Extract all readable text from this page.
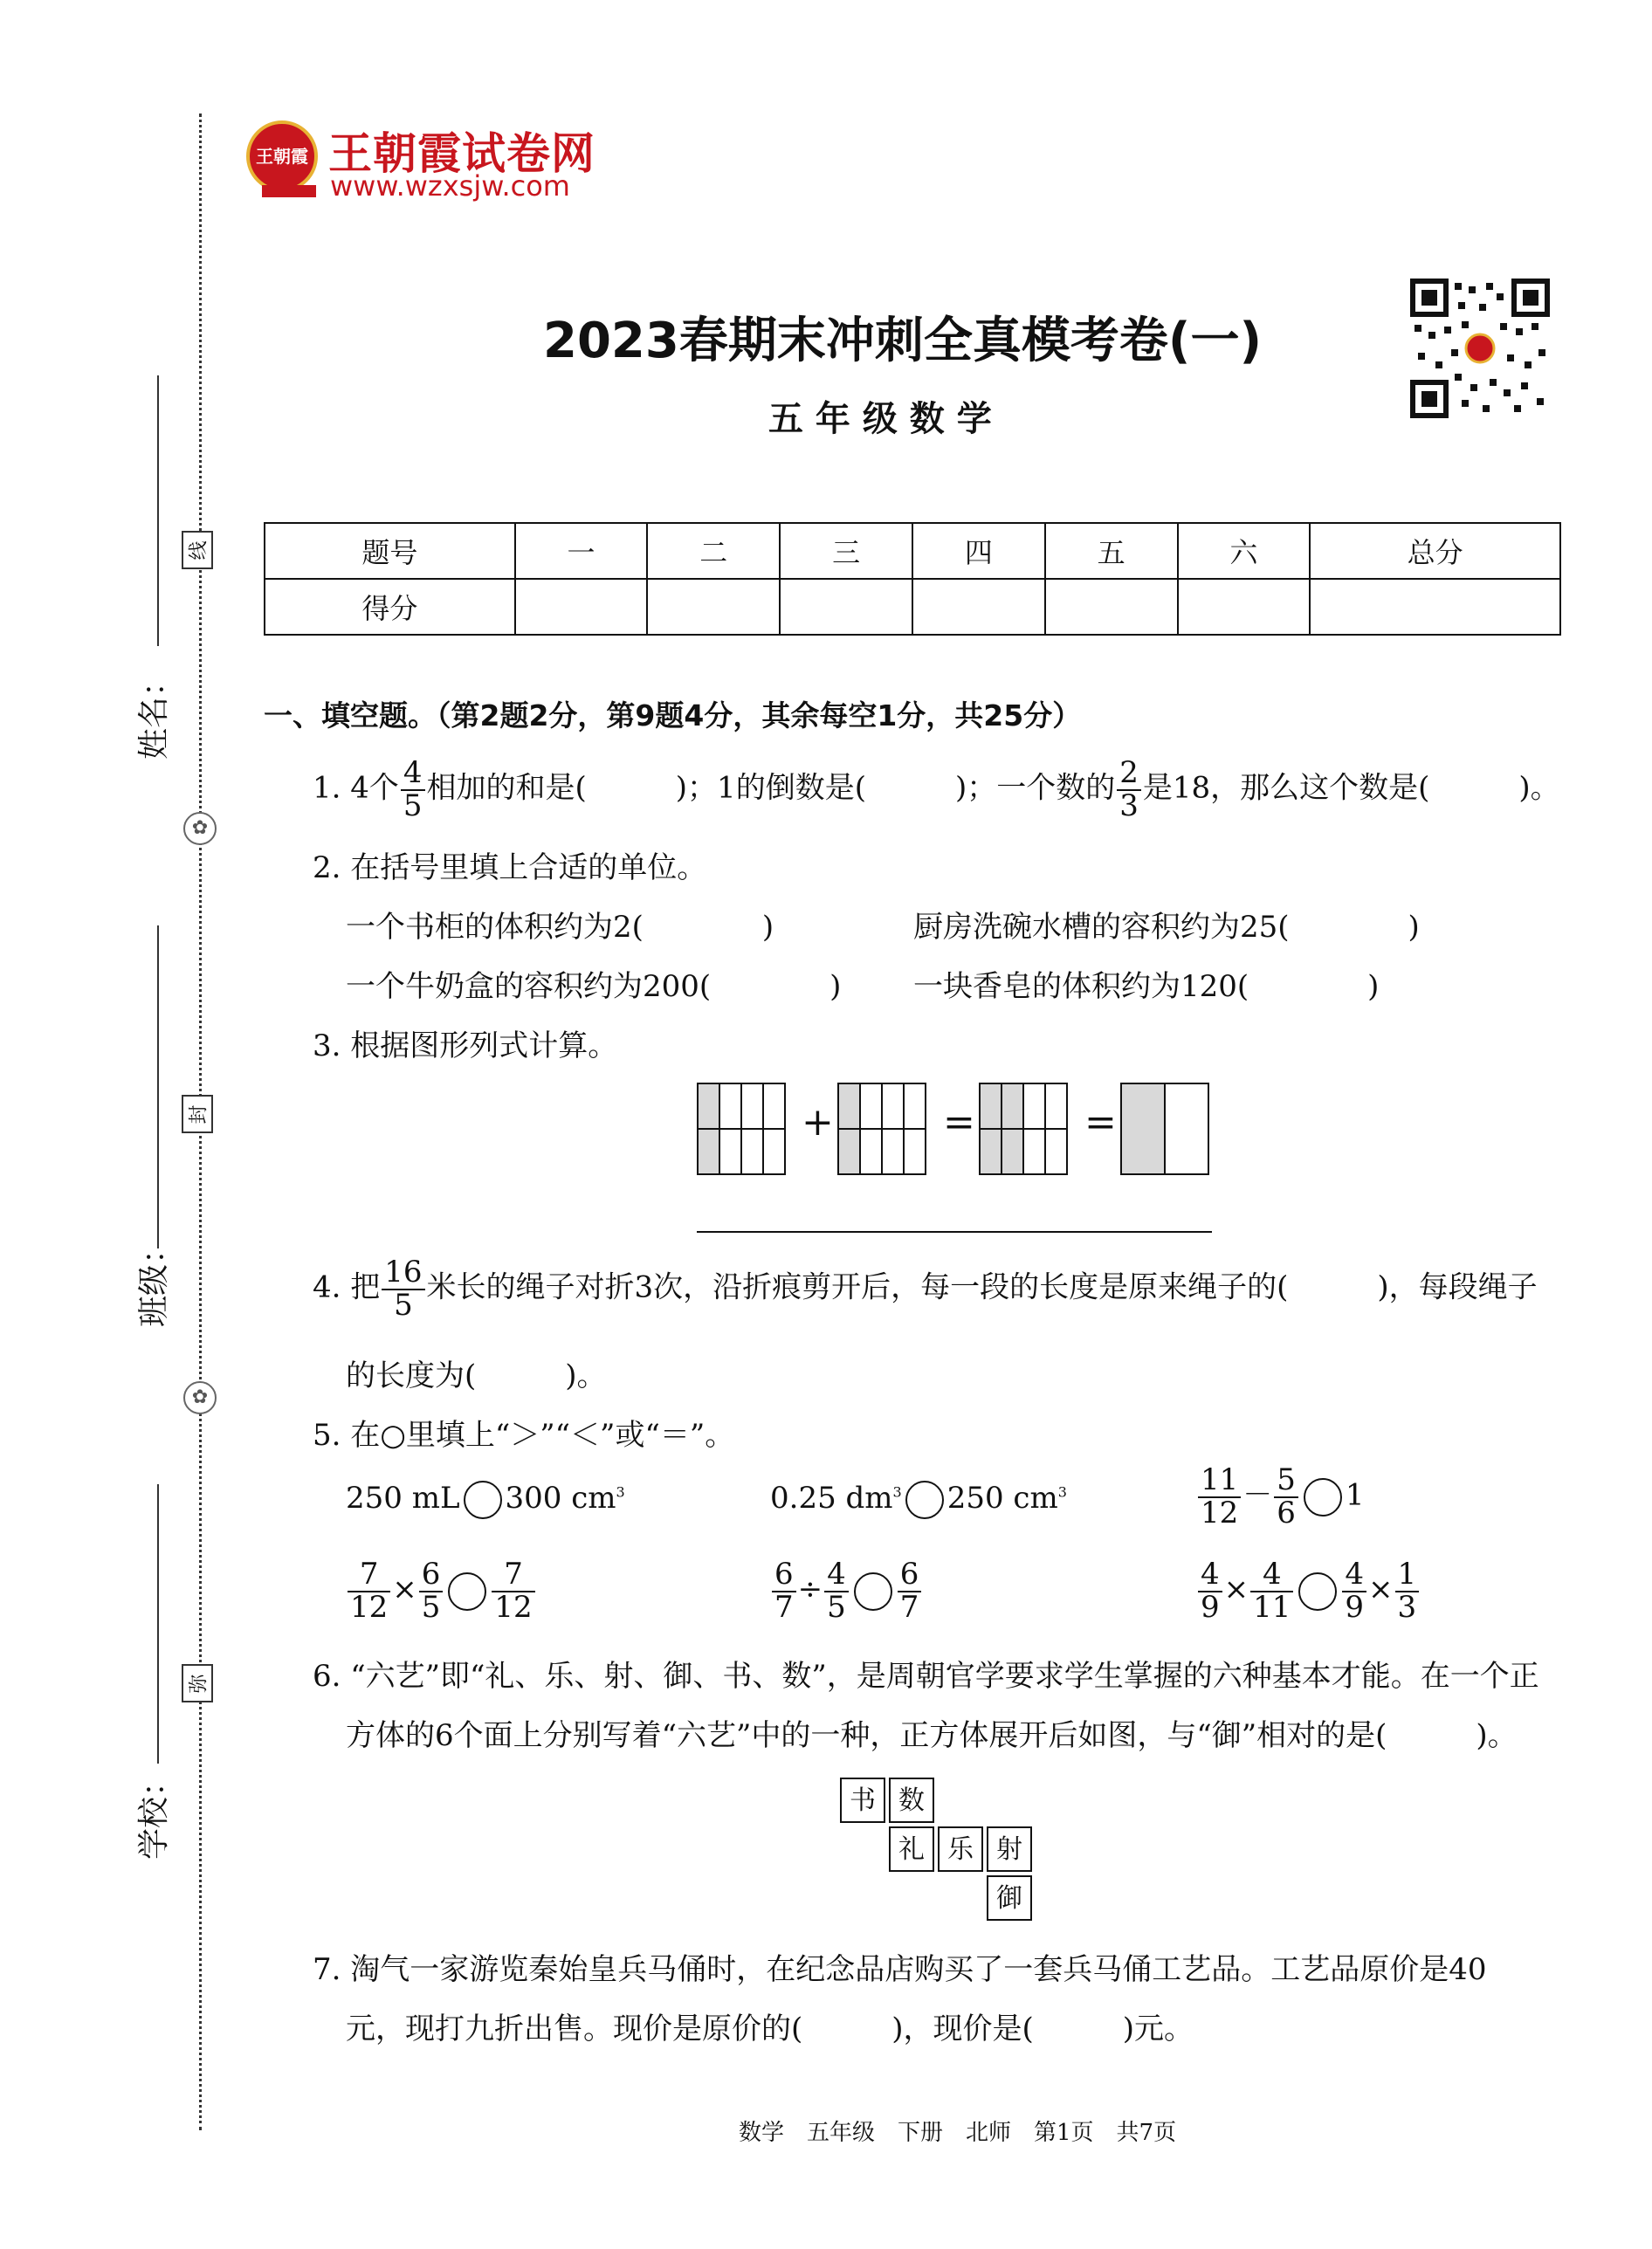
姓名：
班级：
学校：
线
封
弥
✿
✿
王朝霞 王朝霞试卷网
www.wzxsjw.com
2023春期末冲刺全真模考卷(一)
五 年 级 数 学
题号	一	二	三	四	五	六	总分
得分							
一、填空题。（第2题2分，第9题4分，其余每空1分，共25分）
1. 4个 $\frac{4}{5}$ 相加的和是(　　　)；1的倒数是(　　　)；一个数的 $\frac{2}{3}$ 是18，那么这个数是(　　　)。
2. 在括号里填上合适的单位。
一个书柜的体积约为2(　　　　)	厨房洗碗水槽的容积约为25(　　　　)
一个牛奶盒的容积约为200(　　　　) 一块香皂的体积约为120(　　　　)
3. 根据图形列式计算。
+	=	=
4. 把 $\frac{16}{5}$ 米长的绳子对折3次，沿折痕剪开后，每一段的长度是原来绳子的(　　　)，每段绳子
的长度为(　　　)。
5. 在○里填上“＞”“＜”或“＝”。
250 mL 300 $cm^3$	0.25 $dm^3$ 250 $cm^3$	$\frac{11}{12} - \frac{5}{6} 1$
$\frac{7}{12} \times \frac{6}{5} \frac{7}{12}$	$\frac{6}{7} \div \frac{4}{5} \frac{6}{7}$	$\frac{4}{9} \times \frac{4}{11} \frac{4}{9} \times \frac{1}{3}$
6. “六艺”即“礼、乐、射、御、书、数”，是周朝官学要求学生掌握的六种基本才能。在一个正
方体的6个面上分别写着“六艺”中的一种，正方体展开后如图，与“御”相对的是(　　　)。
书 数
礼 乐 射
御
7. 淘气一家游览秦始皇兵马俑时，在纪念品店购买了一套兵马俑工艺品。工艺品原价是40
元，现打九折出售。现价是原价的(　　　)，现价是(　　　)元。
数学　五年级　下册　北师　第1页　共7页
